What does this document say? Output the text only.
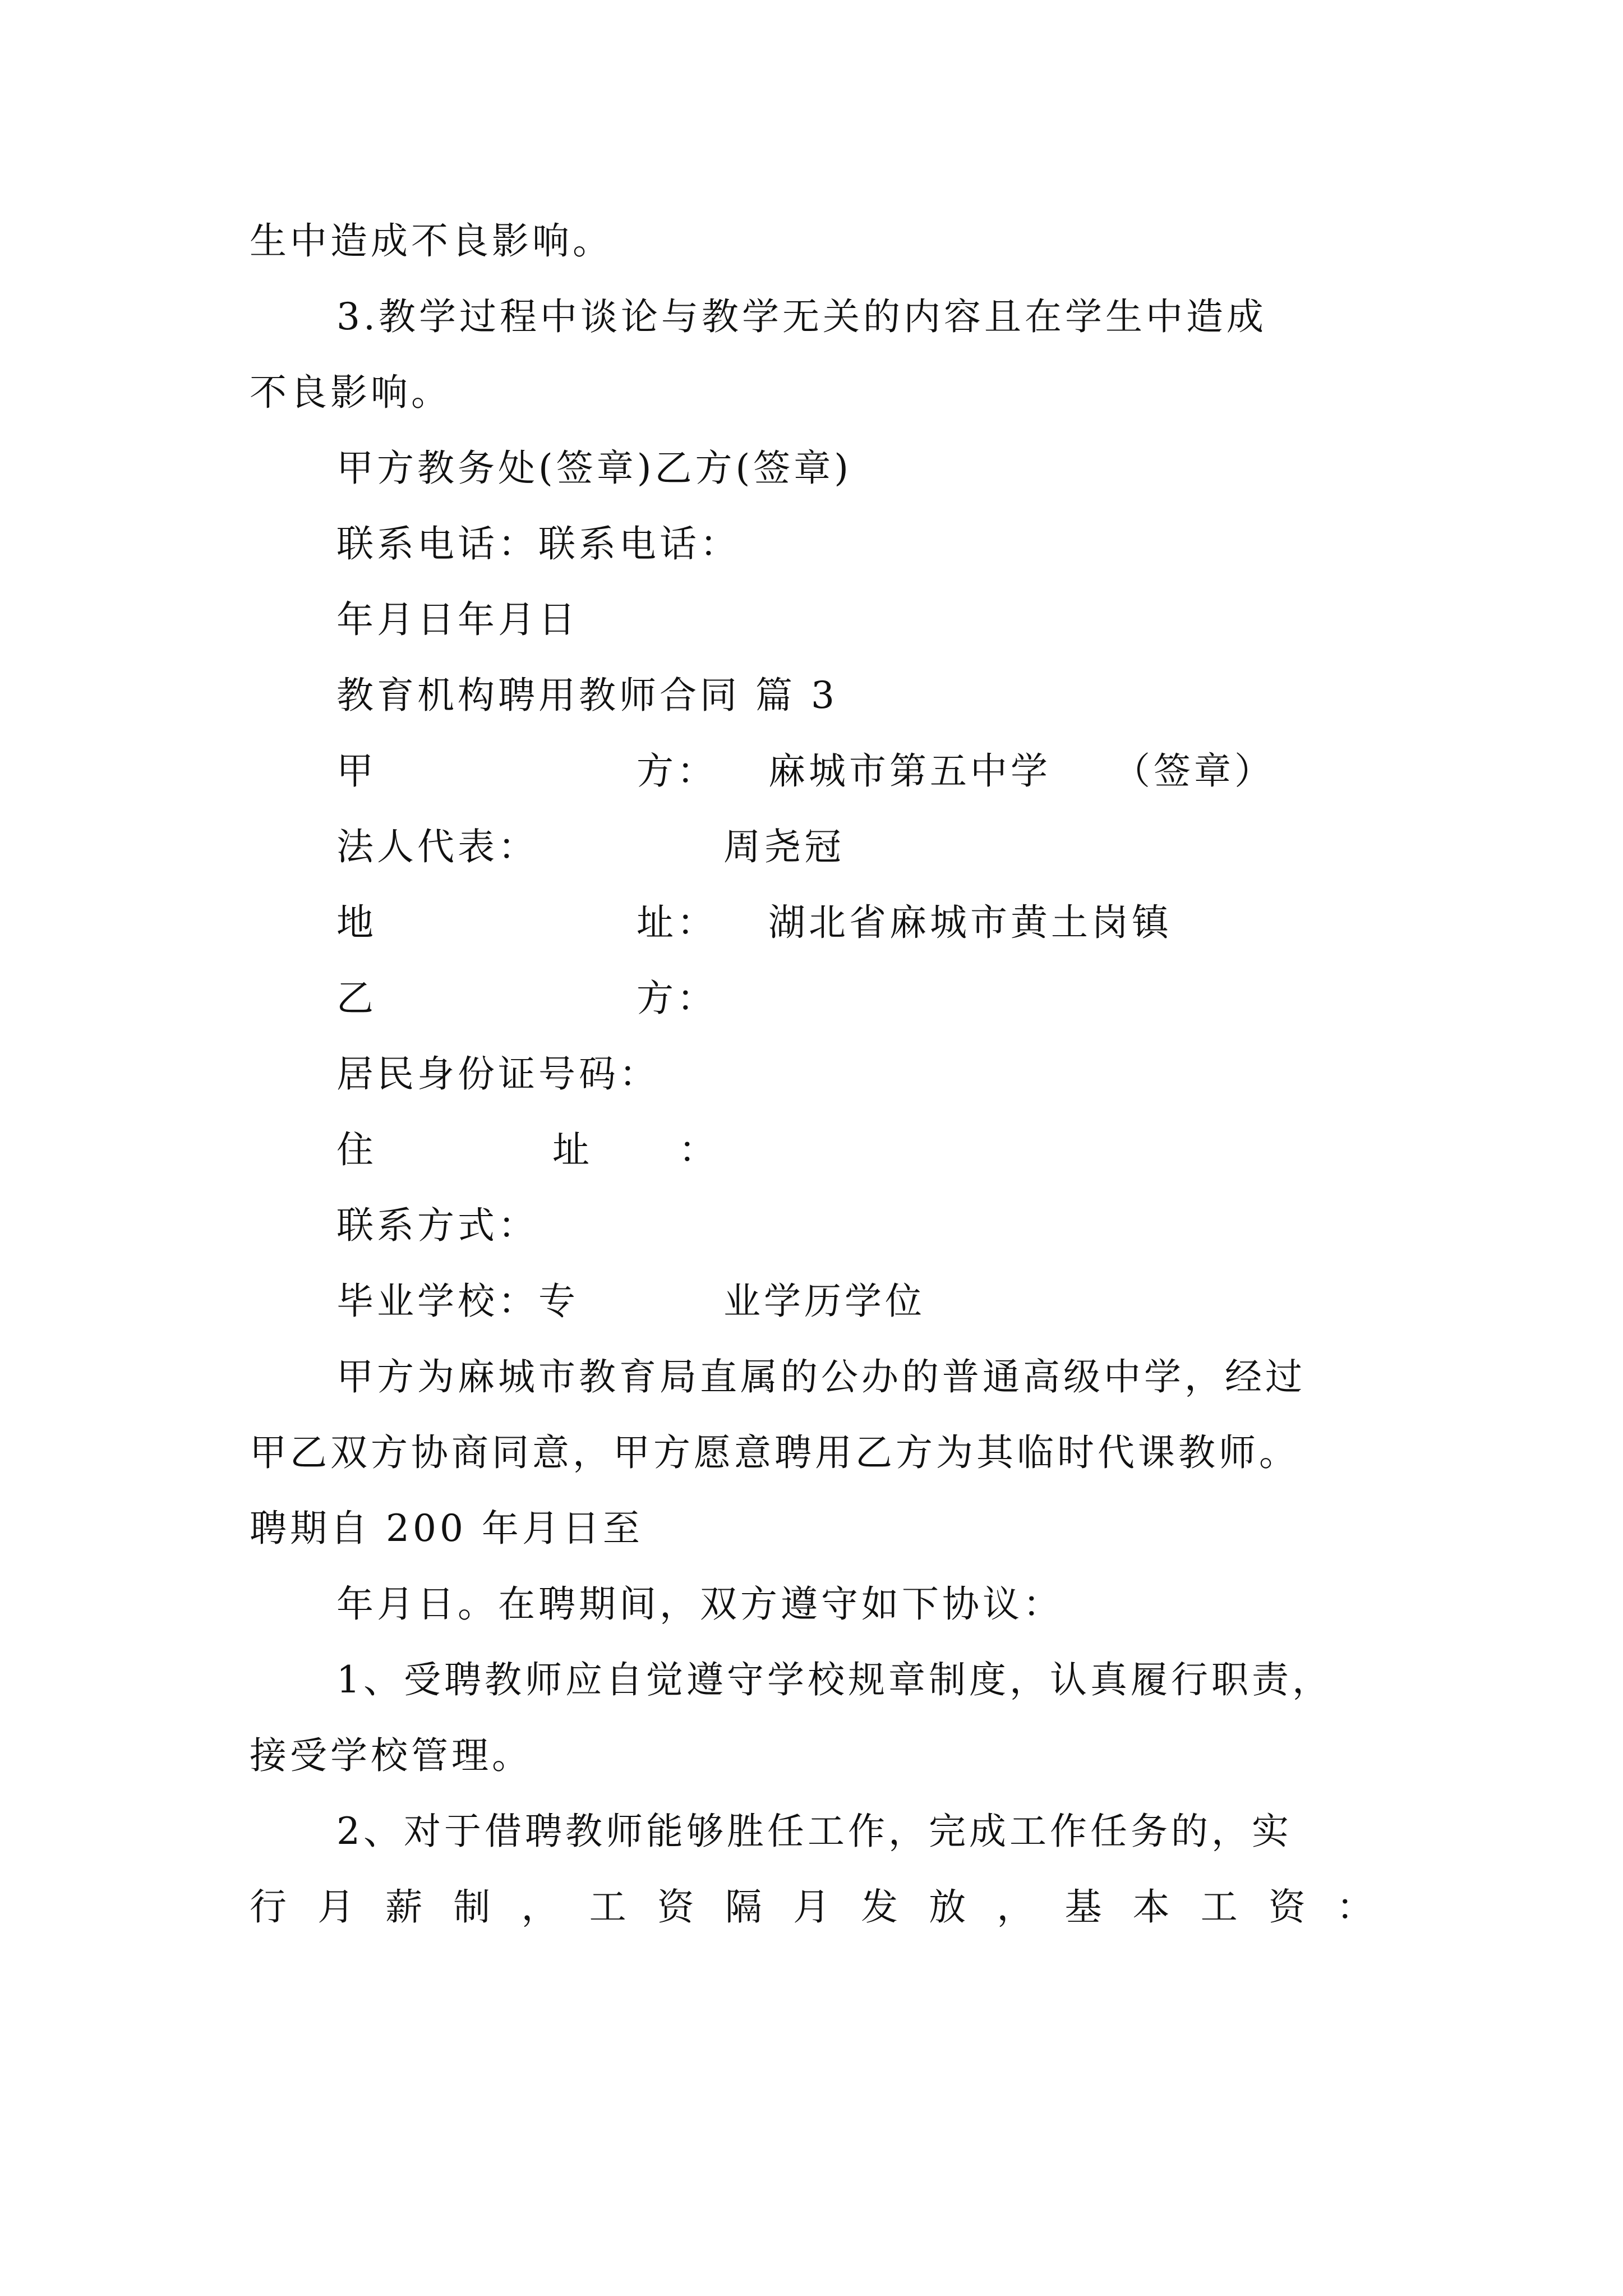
生中造成不良影响。
3.教学过程中谈论与教学无关的内容且在学生中造成
不良影响。
甲方教务处(签章)乙方(签章)
联系电话：联系电话：
年月日年月日
教育机构聘用教师合同 篇 3
甲	方： 麻城市第五中学 （签章）
法人代表：	周尧冠
地	址： 湖北省麻城市黄土岗镇
乙	方：
居民身份证号码：
住	址 ：
联系方式：
毕业学校：专	业学历学位
甲方为麻城市教育局直属的公办的普通高级中学，经过
甲乙双方协商同意，甲方愿意聘用乙方为其临时代课教师。
聘期自 200 年月日至
年月日。在聘期间，双方遵守如下协议：
1、受聘教师应自觉遵守学校规章制度，认真履行职责，
接受学校管理。
2、对于借聘教师能够胜任工作，完成工作任务的，实
行月薪制，工资隔月发放，基本工资：
